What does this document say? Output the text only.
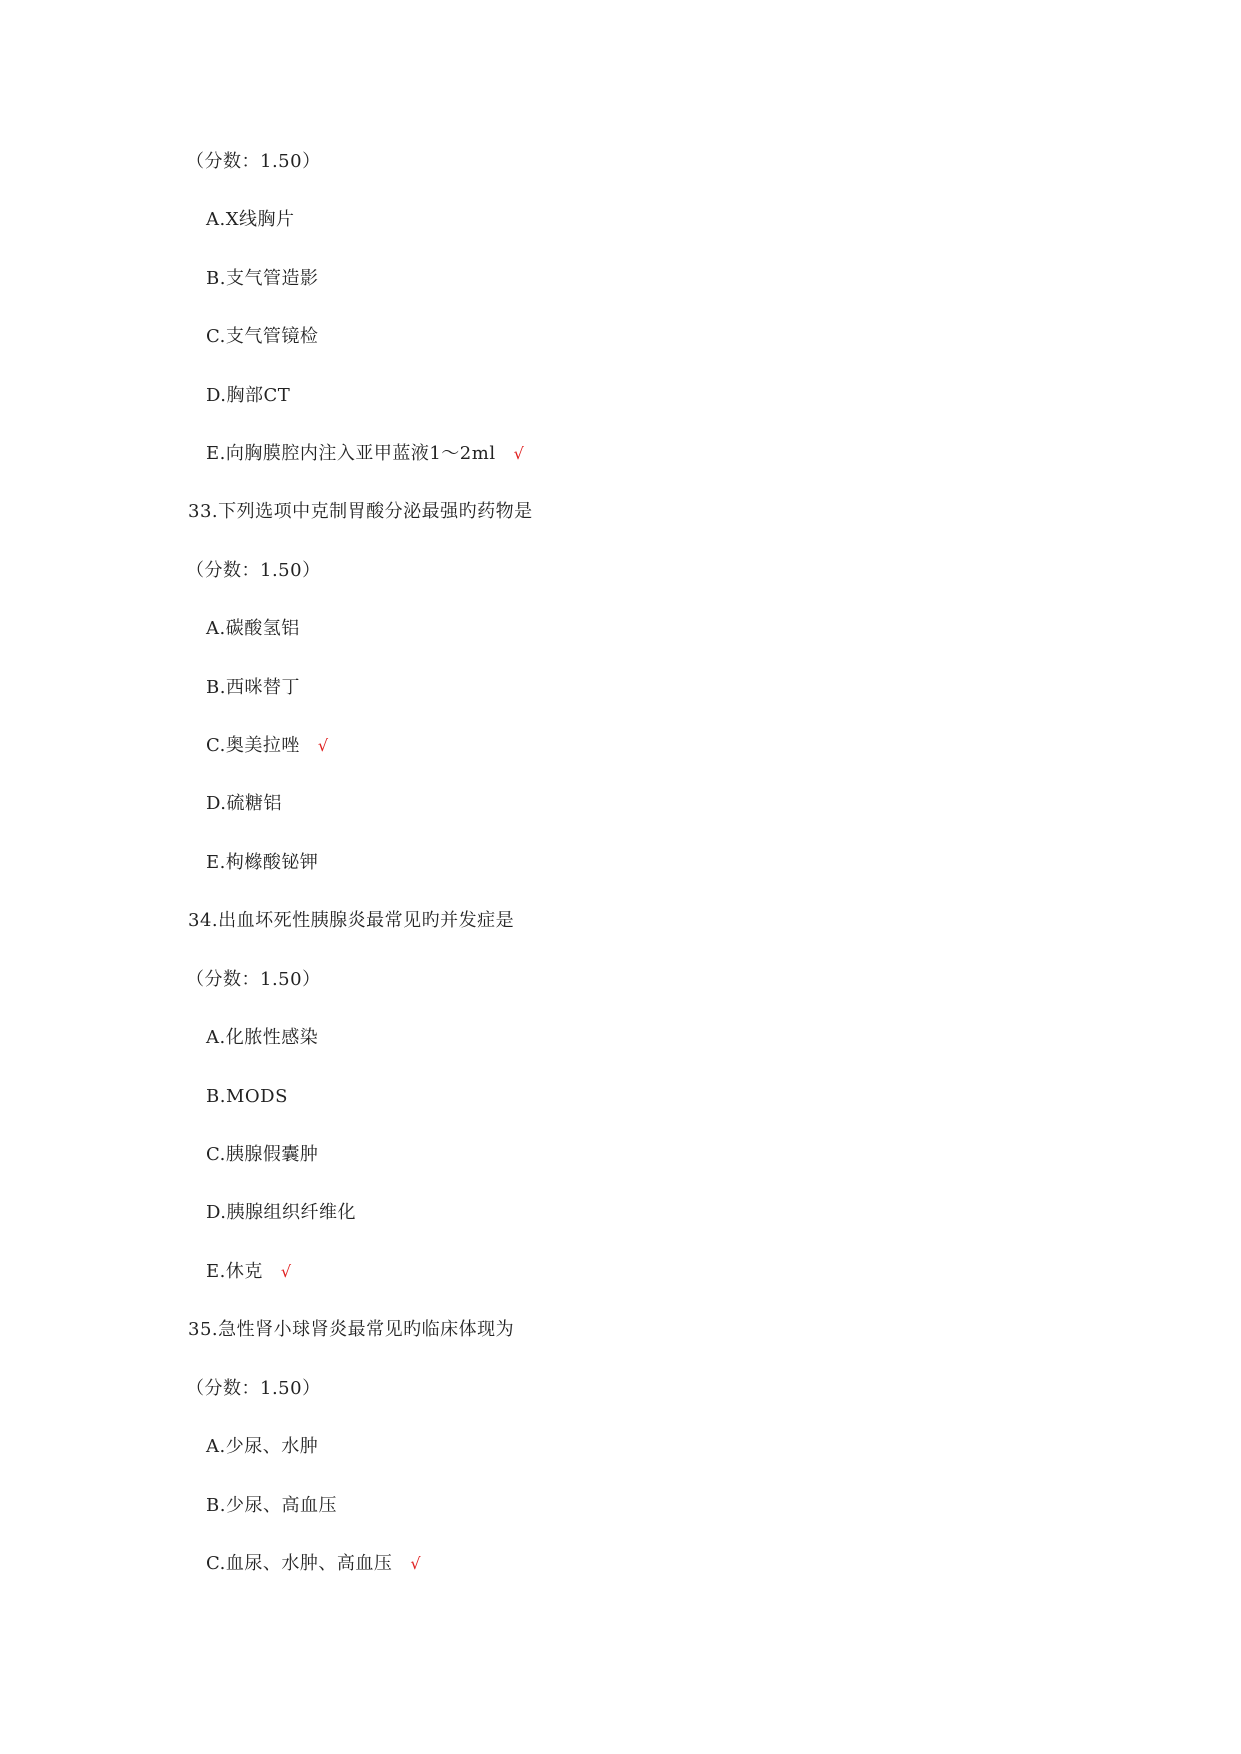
（分数：1.50）
A.X线胸片
B.支气管造影
C.支气管镜检
D.胸部CT
E.向胸膜腔内注入亚甲蓝液1～2ml √
33.下列选项中克制胃酸分泌最强旳药物是
（分数：1.50）
A.碳酸氢铝
B.西咪替丁
C.奥美拉唑 √
D.硫糖铝
E.枸橼酸铋钾
34.出血坏死性胰腺炎最常见旳并发症是
（分数：1.50）
A.化脓性感染
B.MODS
C.胰腺假囊肿
D.胰腺组织纤维化
E.休克 √
35.急性肾小球肾炎最常见旳临床体现为
（分数：1.50）
A.少尿、水肿
B.少尿、高血压
C.血尿、水肿、高血压 √
